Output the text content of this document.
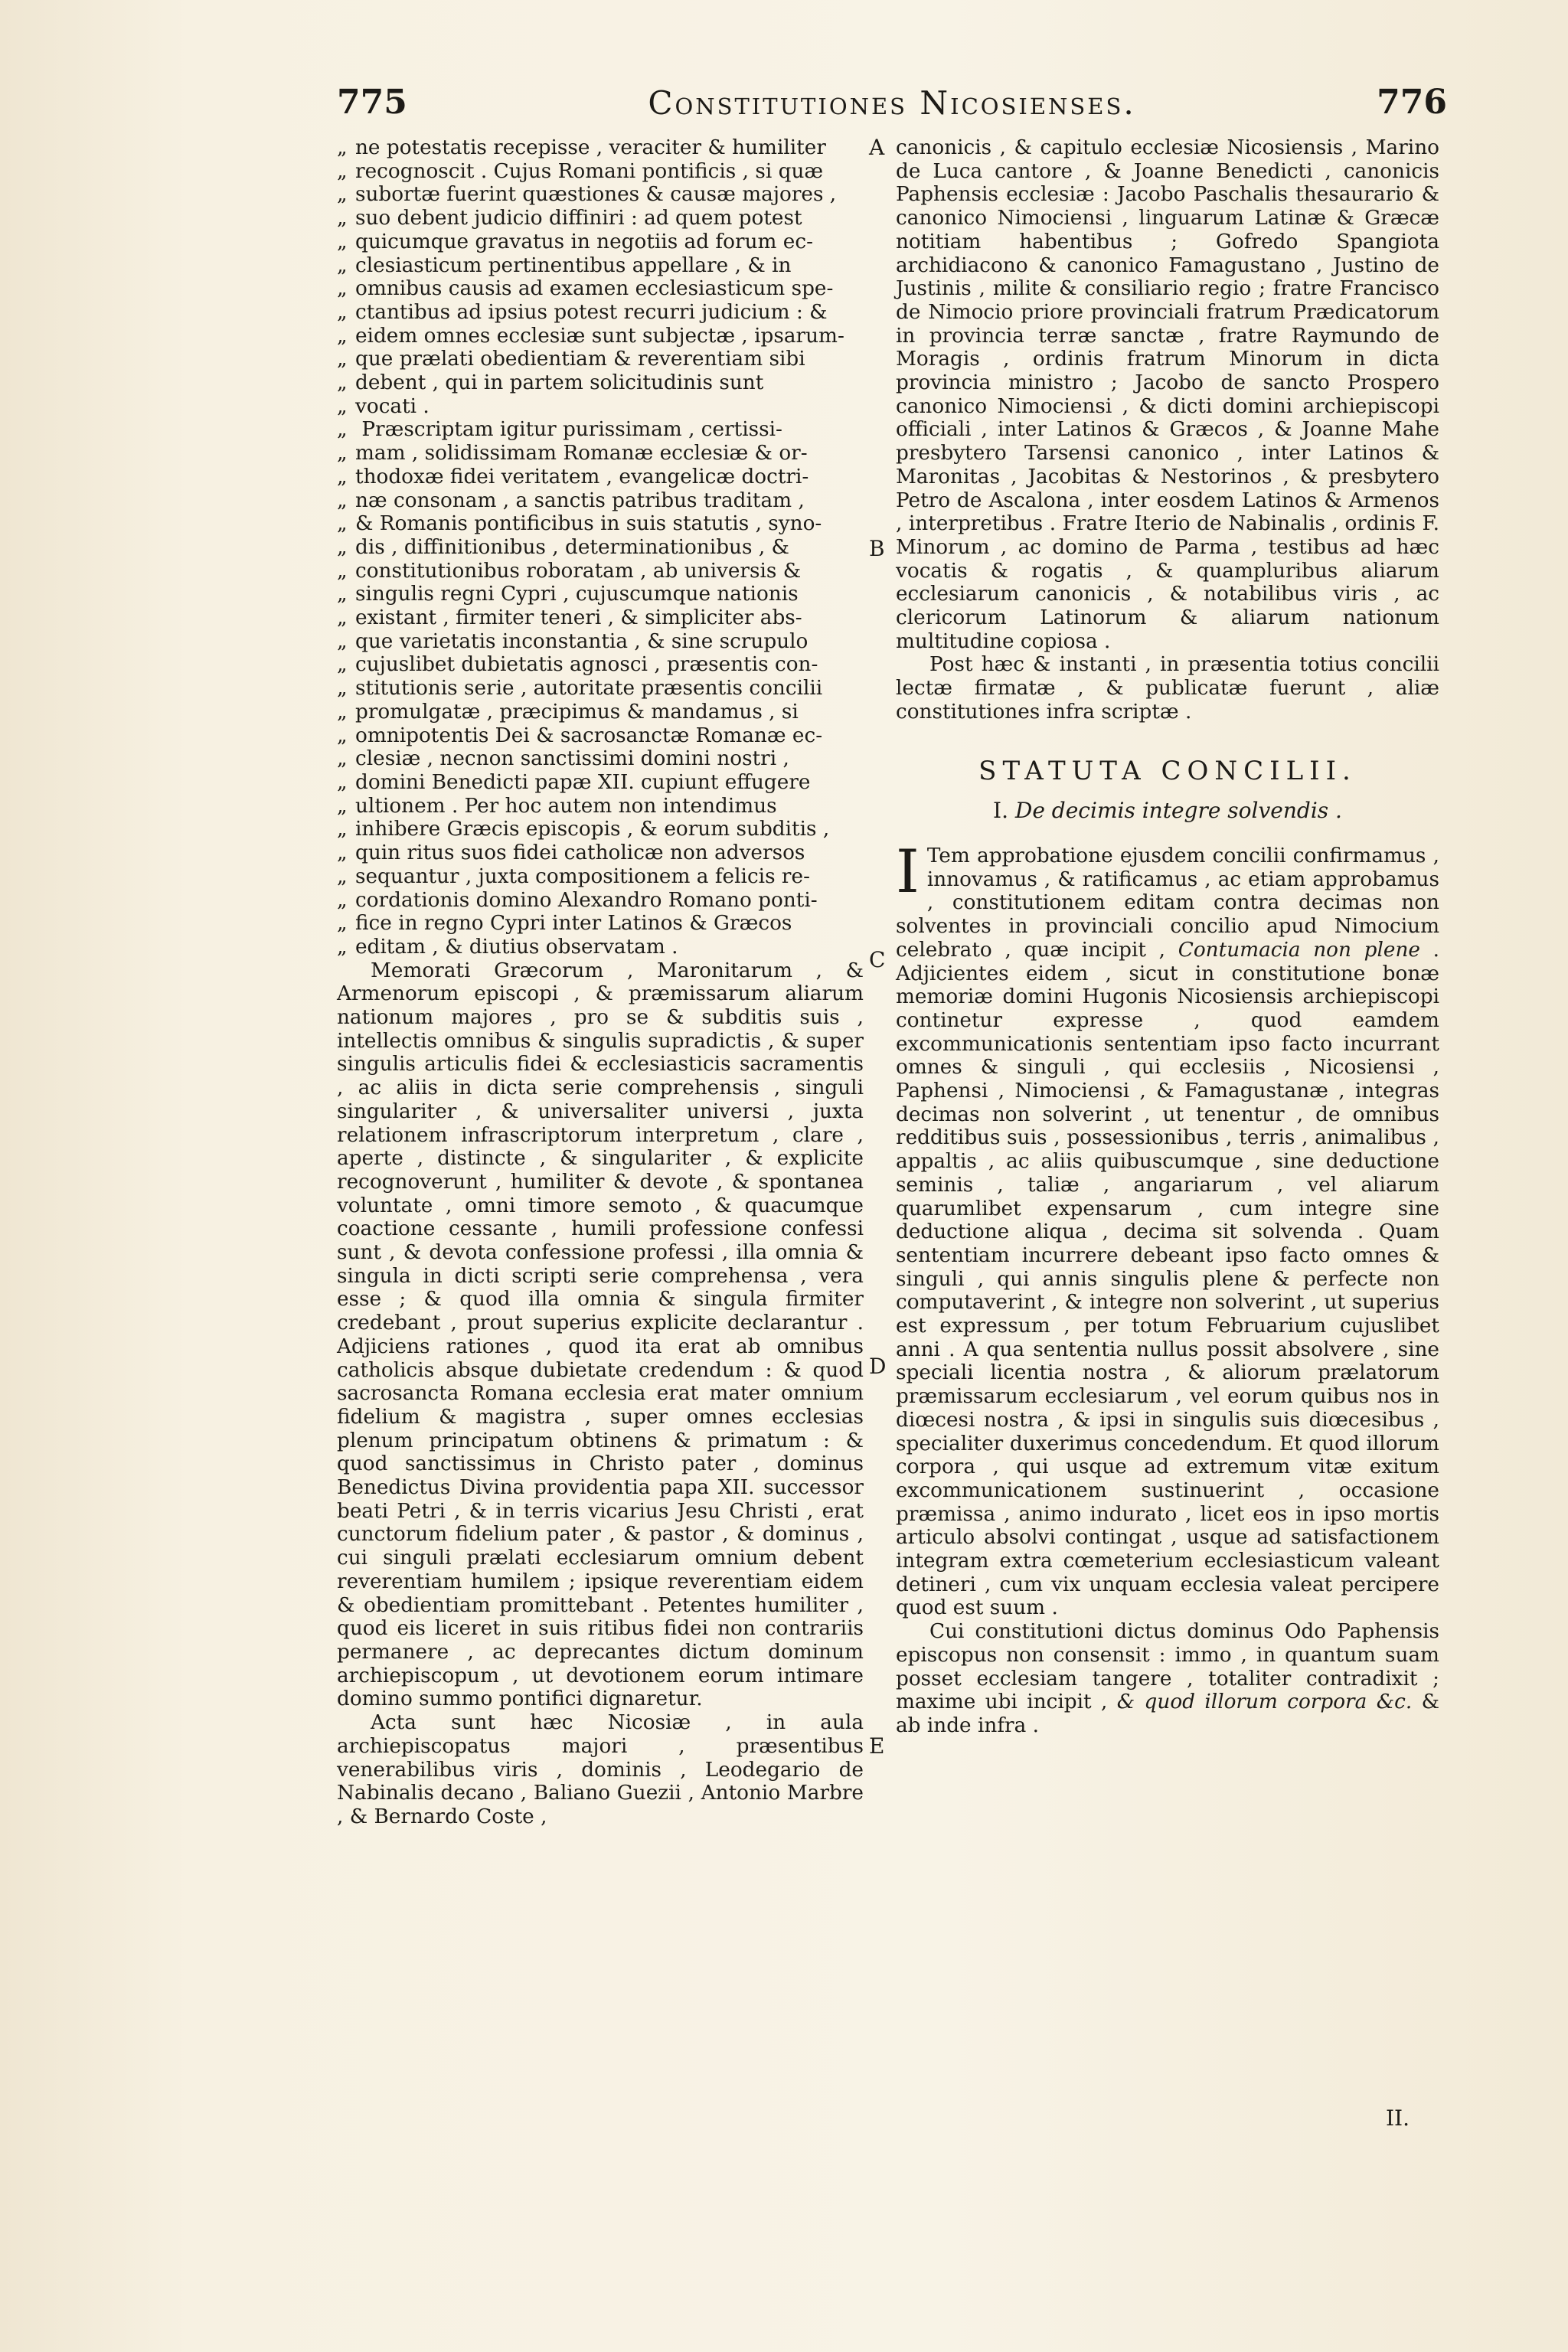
775	Constitutiones Nicosienses.	776
„ ne potestatis recepisse , veraciter & humiliter
„ recognoscit . Cujus Romani pontificis , si quæ
„ subortæ fuerint quæstiones & causæ majores ,
„ suo debent judicio diffiniri : ad quem potest
„ quicumque gravatus in negotiis ad forum ec-
„ clesiasticum pertinentibus appellare , & in
„ omnibus causis ad examen ecclesiasticum spe-
„ ctantibus ad ipsius potest recurri judicium : &
„ eidem omnes ecclesiæ sunt subjectæ , ipsarum-
„ que prælati obedientiam & reverentiam sibi
„ debent , qui in partem solicitudinis sunt
„ vocati .
„ Præscriptam igitur purissimam , certissi-
„ mam , solidissimam Romanæ ecclesiæ & or-
„ thodoxæ fidei veritatem , evangelicæ doctri-
„ næ consonam , a sanctis patribus traditam ,
„ & Romanis pontificibus in suis statutis , syno-
„ dis , diffinitionibus , determinationibus , &
„ constitutionibus roboratam , ab universis &
„ singulis regni Cypri , cujuscumque nationis
„ existant , firmiter teneri , & simpliciter abs-
„ que varietatis inconstantia , & sine scrupulo
„ cujuslibet dubietatis agnosci , præsentis con-
„ stitutionis serie , autoritate præsentis concilii
„ promulgatæ , præcipimus & mandamus , si
„ omnipotentis Dei & sacrosanctæ Romanæ ec-
„ clesiæ , necnon sanctissimi domini nostri ,
„ domini Benedicti papæ XII. cupiunt effugere
„ ultionem . Per hoc autem non intendimus
„ inhibere Græcis episcopis , & eorum subditis ,
„ quin ritus suos fidei catholicæ non adversos
„ sequantur , juxta compositionem a felicis re-
„ cordationis domino Alexandro Romano ponti-
„ fice in regno Cypri inter Latinos & Græcos
„ editam , & diutius observatam .

Memorati Græcorum , Maronitarum , & Armenorum episcopi , & præmissarum aliarum nationum majores , pro se & subditis suis , intellectis omnibus & singulis supradictis , & super singulis articulis fidei & ecclesiasticis sacramentis , ac aliis in dicta serie comprehensis , singuli singulariter , & universaliter universi , juxta relationem infrascriptorum interpretum , clare , aperte , distincte , & singulariter , & explicite recognoverunt , humiliter & devote , & spontanea voluntate , omni timore semoto , & quacumque coactione cessante , humili professione confessi sunt , & devota confessione professi , illa omnia & singula in dicti scripti serie comprehensa , vera esse ; & quod illa omnia & singula firmiter credebant , prout superius explicite declarantur . Adjiciens rationes , quod ita erat ab omnibus catholicis absque dubietate credendum : & quod sacrosancta Romana ecclesia erat mater omnium fidelium & magistra , super omnes ecclesias plenum principatum obtinens & primatum : & quod sanctissimus in Christo pater , dominus Benedictus Divina providentia papa XII. successor beati Petri , & in terris vicarius Jesu Christi , erat cunctorum fidelium pater , & pastor , & dominus , cui singuli prælati ecclesiarum omnium debent reverentiam humilem ; ipsique reverentiam eidem & obedientiam promittebant . Petentes humiliter , quod eis liceret in suis ritibus fidei non contrariis permanere , ac deprecantes dictum dominum archiepiscopum , ut devotionem eorum intimare domino summo pontifici dignaretur.

Acta sunt hæc Nicosiæ , in aula archiepiscopatus majori , præsentibus venerabilibus viris , dominis , Leodegario de Nabinalis decano , Baliano Guezii , Antonio Marbre , & Bernardo Coste ,

A
B
C
D
E

canonicis , & capitulo ecclesiæ Nicosiensis , Marino de Luca cantore , & Joanne Benedicti , canonicis Paphensis ecclesiæ : Jacobo Paschalis thesaurario & canonico Nimociensi , linguarum Latinæ & Græcæ notitiam habentibus ; Gofredo Spangiota archidiacono & canonico Famagustano , Justino de Justinis , milite & consiliario regio ; fratre Francisco de Nimocio priore provinciali fratrum Prædicatorum in provincia terræ sanctæ , fratre Raymundo de Moragis , ordinis fratrum Minorum in dicta provincia ministro ; Jacobo de sancto Prospero canonico Nimociensi , & dicti domini archiepiscopi officiali , inter Latinos & Græcos , & Joanne Mahe presbytero Tarsensi canonico , inter Latinos & Maronitas , Jacobitas & Nestorinos , & presbytero Petro de Ascalona , inter eosdem Latinos & Armenos , interpretibus . Fratre Iterio de Nabinalis , ordinis F. Minorum , ac domino de Parma , testibus ad hæc vocatis & rogatis , & quampluribus aliarum ecclesiarum canonicis , & notabilibus viris , ac clericorum Latinorum & aliarum nationum multitudine copiosa .

Post hæc & instanti , in præsentia totius concilii lectæ firmatæ , & publicatæ fuerunt , aliæ constitutiones infra scriptæ .

STATUTA CONCILII.
I. De decimis integre solvendis .

I Tem approbatione ejusdem concilii confirmamus , innovamus , & ratificamus , ac etiam approbamus , constitutionem editam contra decimas non solventes in provinciali concilio apud Nimocium celebrato , quæ incipit , Contumacia non plene . Adjicientes eidem , sicut in constitutione bonæ memoriæ domini Hugonis Nicosiensis archiepiscopi continetur expresse , quod eamdem excommunicationis sententiam ipso facto incurrant omnes & singuli , qui ecclesiis , Nicosiensi , Paphensi , Nimociensi , & Famagustanæ , integras decimas non solverint , ut tenentur , de omnibus redditibus suis , possessionibus , terris , animalibus , appaltis , ac aliis quibuscumque , sine deductione seminis , taliæ , angariarum , vel aliarum quarumlibet expensarum , cum integre sine deductione aliqua , decima sit solvenda . Quam sententiam incurrere debeant ipso facto omnes & singuli , qui annis singulis plene & perfecte non computaverint , & integre non solverint , ut superius est expressum , per totum Februarium cujuslibet anni . A qua sententia nullus possit absolvere , sine speciali licentia nostra , & aliorum prælatorum præmissarum ecclesiarum , vel eorum quibus nos in diœcesi nostra , & ipsi in singulis suis diœcesibus , specialiter duxerimus concedendum. Et quod illorum corpora , qui usque ad extremum vitæ exitum excommunicationem sustinuerint , occasione præmissa , animo indurato , licet eos in ipso mortis articulo absolvi contingat , usque ad satisfactionem integram extra cœmeterium ecclesiasticum valeant detineri , cum vix unquam ecclesia valeat percipere quod est suum .

Cui constitutioni dictus dominus Odo Paphensis episcopus non consensit : immo , in quantum suam posset ecclesiam tangere , totaliter contradixit ; maxime ubi incipit , & quod illorum corpora &c. & ab inde infra .

II.
